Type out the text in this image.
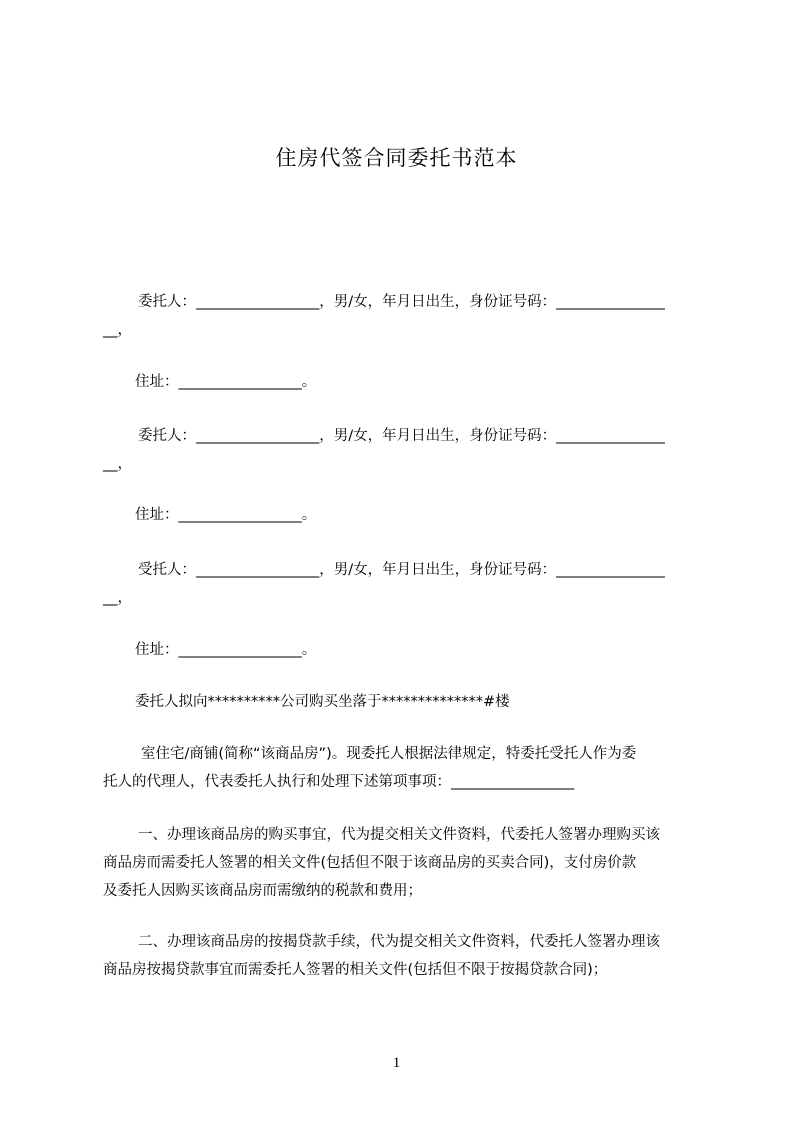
住房代签合同委托书范本
委托人：_________________，男/女，年月日出生，身份证号码：_______________
__，
住址：_________________。
委托人：_________________，男/女，年月日出生，身份证号码：_______________
__，
住址：_________________。
受托人：_________________，男/女，年月日出生，身份证号码：_______________
__，
住址：_________________。
委托人拟向**********公司购买坐落于**************#楼
室住宅/商铺(简称“该商品房”)。现委托人根据法律规定，特委托受托人作为委
托人的代理人，代表委托人执行和处理下述第项事项：_________________
一、办理该商品房的购买事宜，代为提交相关文件资料，代委托人签署办理购买该
商品房而需委托人签署的相关文件(包括但不限于该商品房的买卖合同)，支付房价款
及委托人因购买该商品房而需缴纳的税款和费用；
二、办理该商品房的按揭贷款手续，代为提交相关文件资料，代委托人签署办理该
商品房按揭贷款事宜而需委托人签署的相关文件(包括但不限于按揭贷款合同)；
1
